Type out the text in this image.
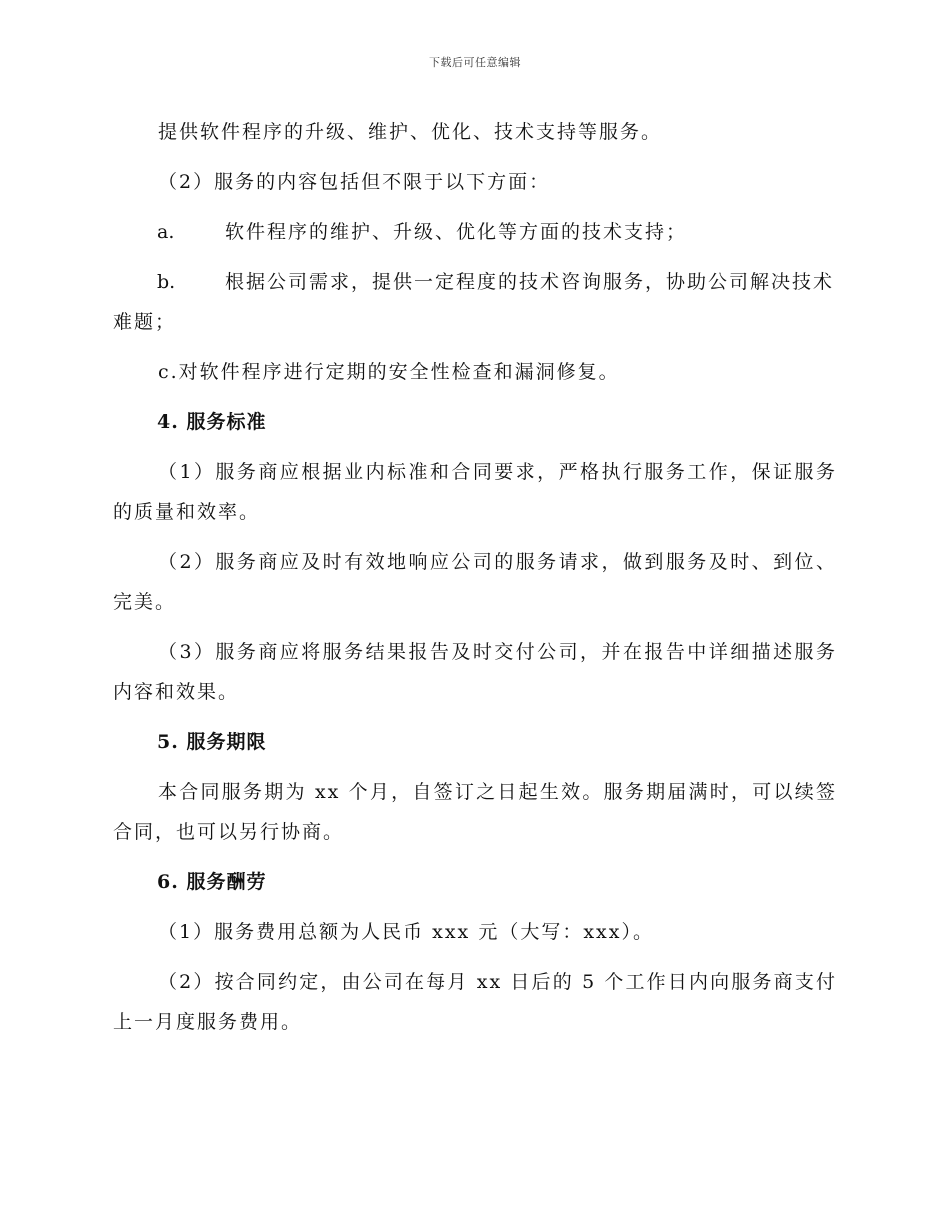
下载后可任意编辑

提供软件程序的升级、维护、优化、技术支持等服务。

（2）服务的内容包括但不限于以下方面：

a.	软件程序的维护、升级、优化等方面的技术支持；

b.	根据公司需求，提供一定程度的技术咨询服务，协助公司解决技术难题；

c.对软件程序进行定期的安全性检查和漏洞修复。

4. 服务标准

（1）服务商应根据业内标准和合同要求，严格执行服务工作，保证服务的质量和效率。

（2）服务商应及时有效地响应公司的服务请求，做到服务及时、到位、完美。

（3）服务商应将服务结果报告及时交付公司，并在报告中详细描述服务内容和效果。

5. 服务期限

本合同服务期为 xx 个月，自签订之日起生效。服务期届满时，可以续签合同，也可以另行协商。

6. 服务酬劳

（1）服务费用总额为人民币 xxx 元（大写：xxx）。

（2）按合同约定，由公司在每月 xx 日后的 5 个工作日内向服务商支付上一月度服务费用。
